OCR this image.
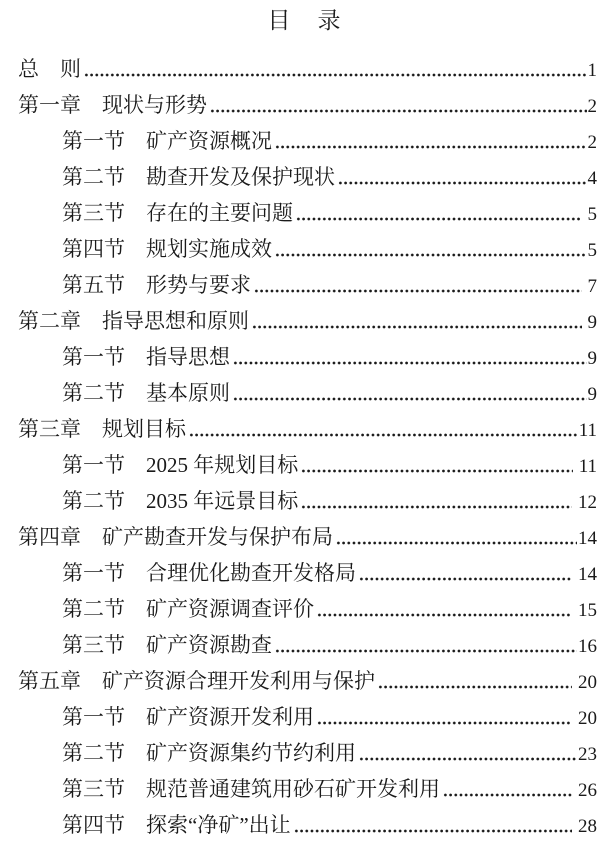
目　录
总　则	1
第一章　现状与形势	2
第一节　矿产资源概况	2
第二节　勘查开发及保护现状	4
第三节　存在的主要问题	5
第四节　规划实施成效	5
第五节　形势与要求	7
第二章　指导思想和原则	9
第一节　指导思想	9
第二节　基本原则	9
第三章　规划目标	11
第一节　2025 年规划目标	11
第二节　2035 年远景目标	12
第四章　矿产勘查开发与保护布局	14
第一节　合理优化勘查开发格局	14
第二节　矿产资源调查评价	15
第三节　矿产资源勘查	16
第五章　矿产资源合理开发利用与保护	20
第一节　矿产资源开发利用	20
第二节　矿产资源集约节约利用	23
第三节　规范普通建筑用砂石矿开发利用	26
第四节　探索“净矿”出让	28
